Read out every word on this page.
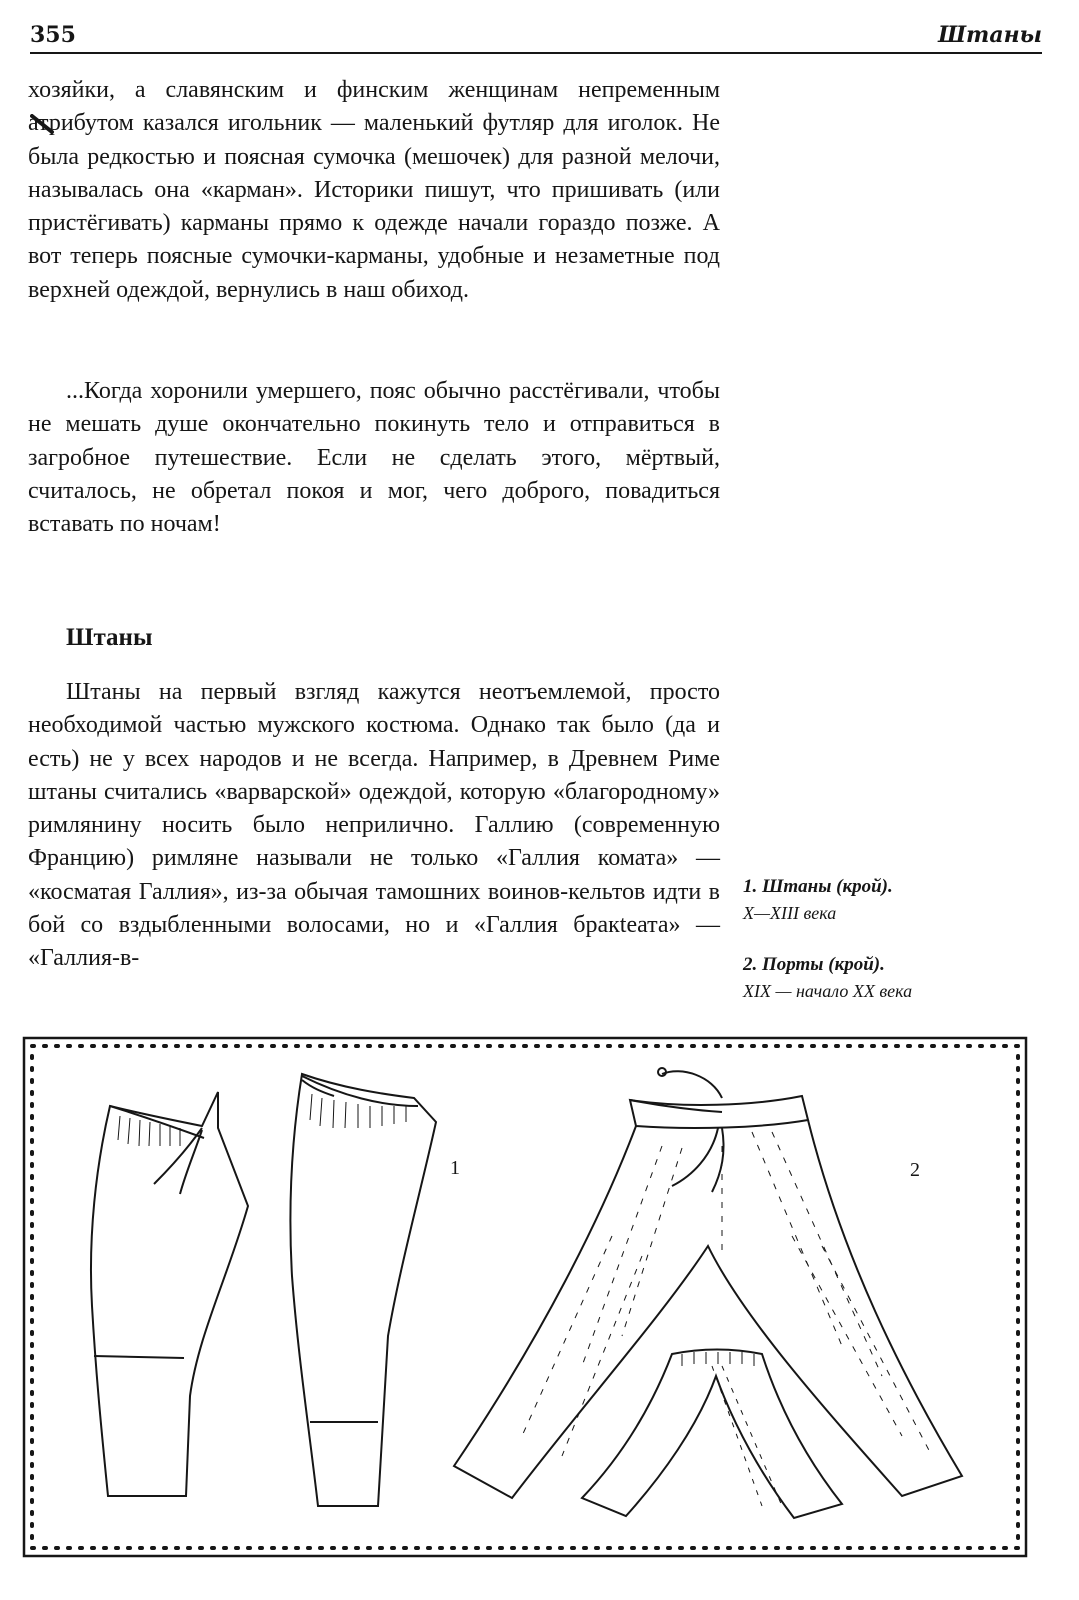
355	Штаны

хозяйки, а славянским и финским женщинам непременным атрибутом казался игольник — маленький футляр для иголок. Не была редкостью и поясная сумочка (мешочек) для разной мелочи, называлась она «карман». Историки пишут, что пришивать (или пристёгивать) карманы прямо к одежде начали гораздо позже. А вот теперь поясные сумочки-карманы, удобные и незаметные под верхней одеждой, вернулись в наш обиход.

...Когда хоронили умершего, пояс обычно расстёгивали, чтобы не мешать душе окончательно покинуть тело и отправиться в загробное путешествие. Если не сделать этого, мёртвый, считалось, не обретал покоя и мог, чего доброго, повадиться вставать по ночам!

Штаны

Штаны на первый взгляд кажутся неотъемлемой, просто необходимой частью мужского костюма. Однако так было (да и есть) не у всех народов и не всегда. Например, в Древнем Риме штаны считались «варварской» одеждой, которую «благородному» римлянину носить было неприлично. Галлию (современную Францию) римляне называли не только «Галлия комата» — «косматая Галлия», из-за обычая тамошних воинов-кельтов идти в бой со вздыбленными волосами, но и «Галлия бракteата» — «Галлия-в-

1. Штаны (крой).
X—XIII века
2. Порты (крой).
XIX — начало XX века
1	2
